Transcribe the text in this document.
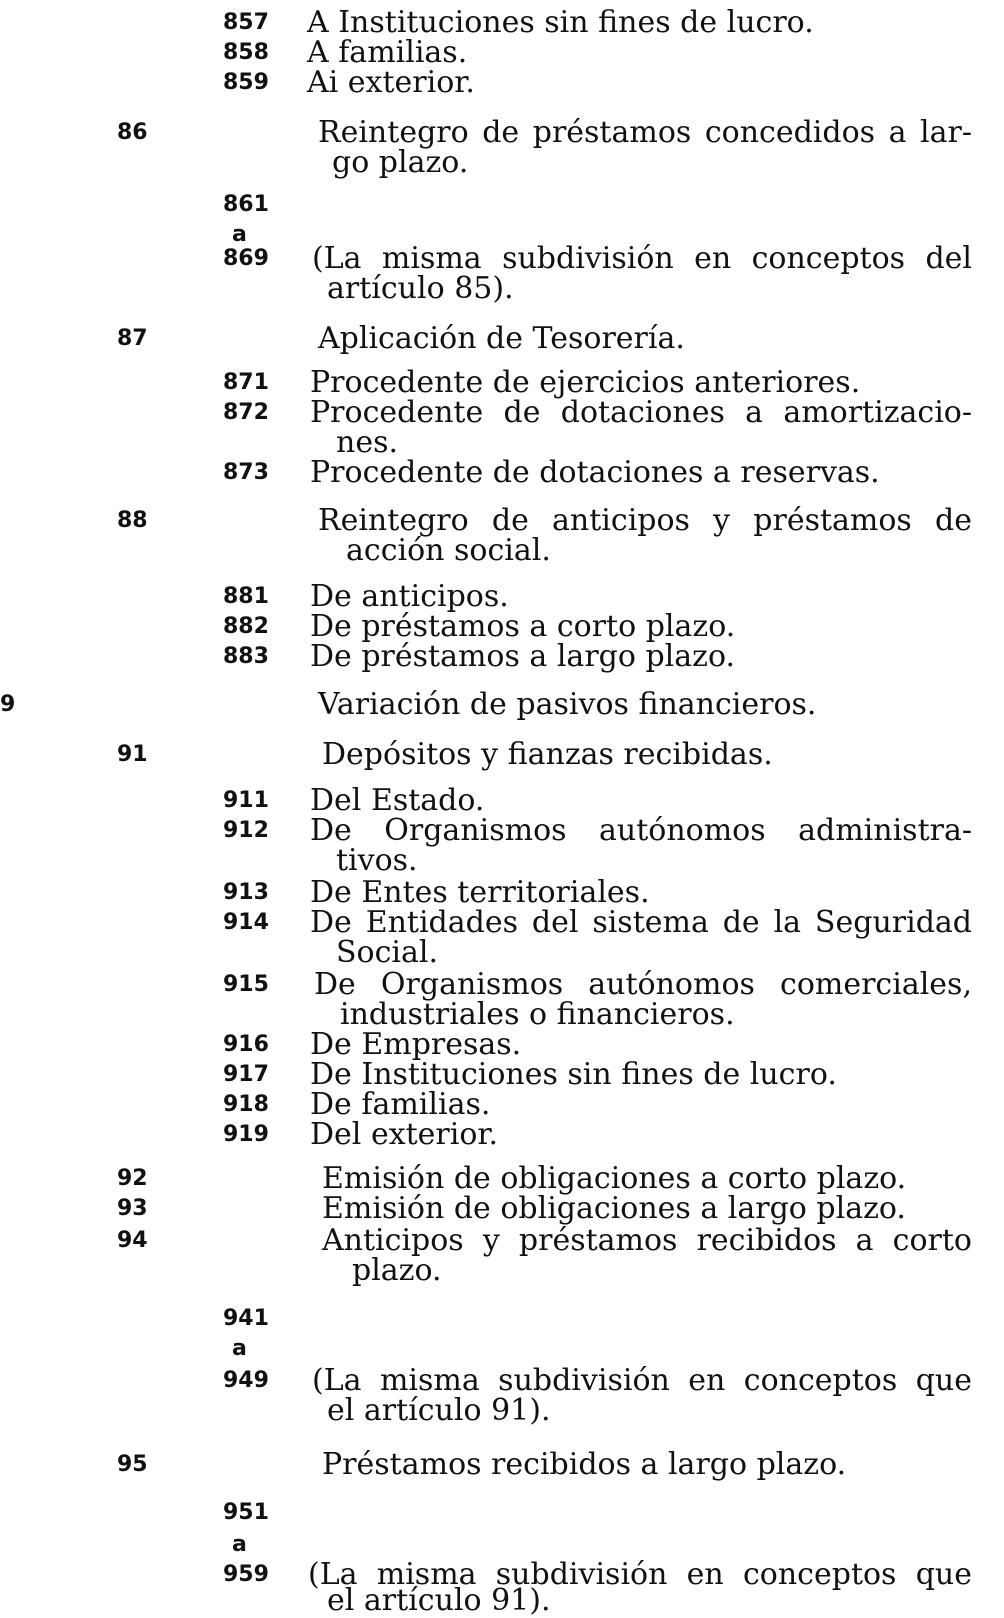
857 A Instituciones sin fines de lucro.
858 A familias.
859 Ai exterior.
86	Reintegro de préstamos concedidos a lar-
go plazo.
861
a
869 (La misma subdivisión en conceptos del
artículo 85).
87	Aplicación de Tesorería.
871 Procedente de ejercicios anteriores.
872 Procedente de dotaciones a amortizacio-
nes.
873 Procedente de dotaciones a reservas.
88	Reintegro de anticipos y préstamos de
acción social.
881 De anticipos.
882 De préstamos a corto plazo.
883 De préstamos a largo plazo.
9	Variación de pasivos financieros.
91	Depósitos y fianzas recibidas.
911 Del Estado.
912 De Organismos autónomos administra-
tivos.
913 De Entes territoriales.
914 De Entidades del sistema de la Seguridad
Social.
915 De Organismos autónomos comerciales,
industriales o financieros.
916 De Empresas.
917 De Instituciones sin fines de lucro.
918 De familias.
919 Del exterior.
92	Emisión de obligaciones a corto plazo.
93	Emisión de obligaciones a largo plazo.
94	Anticipos y préstamos recibidos a corto
plazo.
941
a
949 (La misma subdivisión en conceptos que
el artículo 91).
95	Préstamos recibidos a largo plazo.
951
a
959 (La misma subdivisión en conceptos que
el artículo 91).
